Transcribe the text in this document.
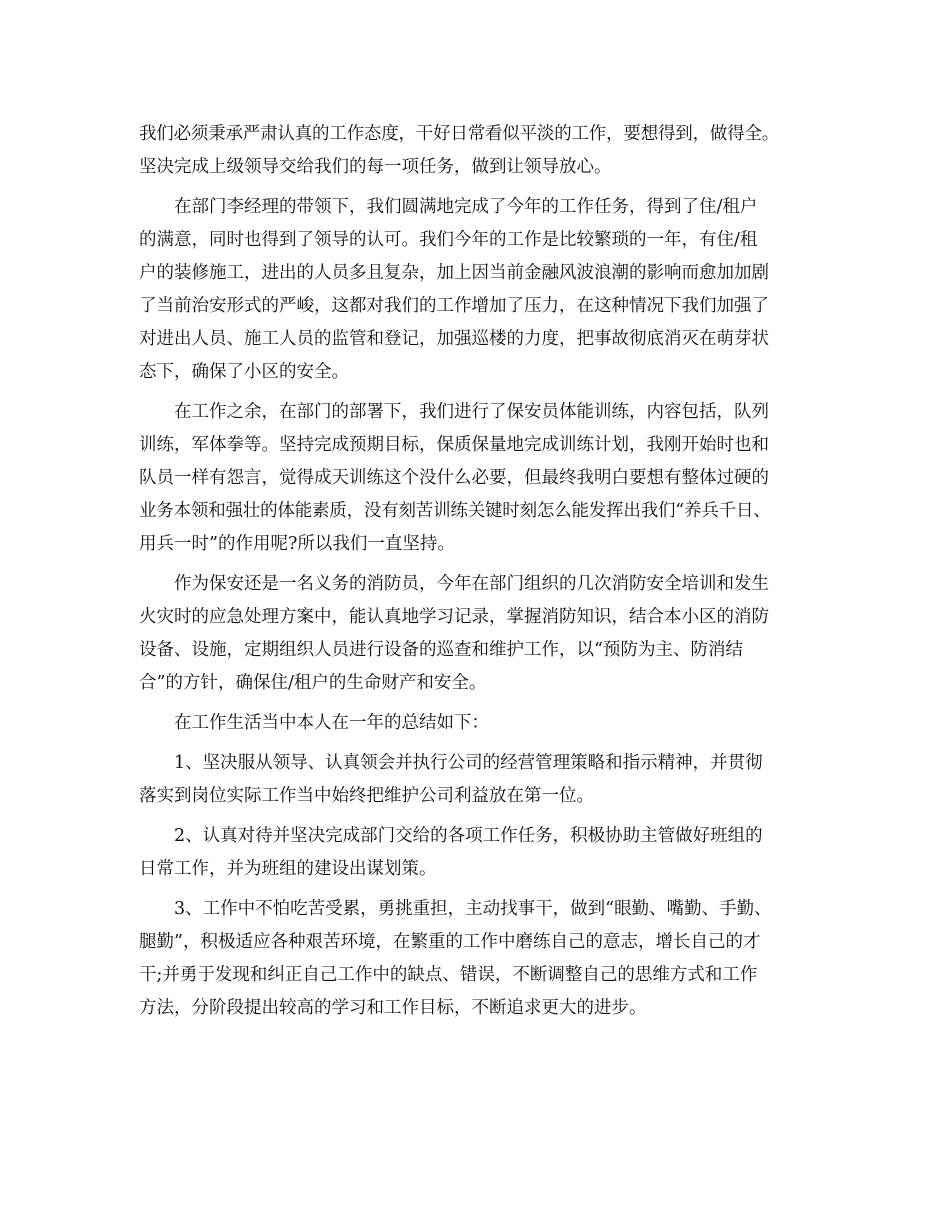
我们必须秉承严肃认真的工作态度，干好日常看似平淡的工作，要想得到，做得全。

坚决完成上级领导交给我们的每一项任务，做到让领导放心。

　　在部门李经理的带领下，我们圆满地完成了今年的工作任务，得到了住/租户

的满意，同时也得到了领导的认可。我们今年的工作是比较繁琐的一年，有住/租

户的装修施工，进出的人员多且复杂，加上因当前金融风波浪潮的影响而愈加加剧

了当前治安形式的严峻，这都对我们的工作增加了压力，在这种情况下我们加强了

对进出人员、施工人员的监管和登记，加强巡楼的力度，把事故彻底消灭在萌芽状

态下，确保了小区的安全。

　　在工作之余，在部门的部署下，我们进行了保安员体能训练，内容包括，队列

训练，军体拳等。坚持完成预期目标，保质保量地完成训练计划，我刚开始时也和

队员一样有怨言，觉得成天训练这个没什么必要，但最终我明白要想有整体过硬的

业务本领和强壮的体能素质，没有刻苦训练关键时刻怎么能发挥出我们“养兵千日、

用兵一时”的作用呢?所以我们一直坚持。

　　作为保安还是一名义务的消防员，今年在部门组织的几次消防安全培训和发生

火灾时的应急处理方案中，能认真地学习记录，掌握消防知识，结合本小区的消防

设备、设施，定期组织人员进行设备的巡查和维护工作，以“预防为主、防消结

合”的方针，确保住/租户的生命财产和安全。

　　在工作生活当中本人在一年的总结如下：

　　1、坚决服从领导、认真领会并执行公司的经营管理策略和指示精神，并贯彻

落实到岗位实际工作当中始终把维护公司利益放在第一位。

　　2、认真对待并坚决完成部门交给的各项工作任务，积极协助主管做好班组的

日常工作，并为班组的建设出谋划策。

　　3、工作中不怕吃苦受累，勇挑重担，主动找事干，做到“眼勤、嘴勤、手勤、

腿勤”，积极适应各种艰苦环境，在繁重的工作中磨练自己的意志，增长自己的才

干;并勇于发现和纠正自己工作中的缺点、错误，不断调整自己的思维方式和工作

方法，分阶段提出较高的学习和工作目标，不断追求更大的进步。
